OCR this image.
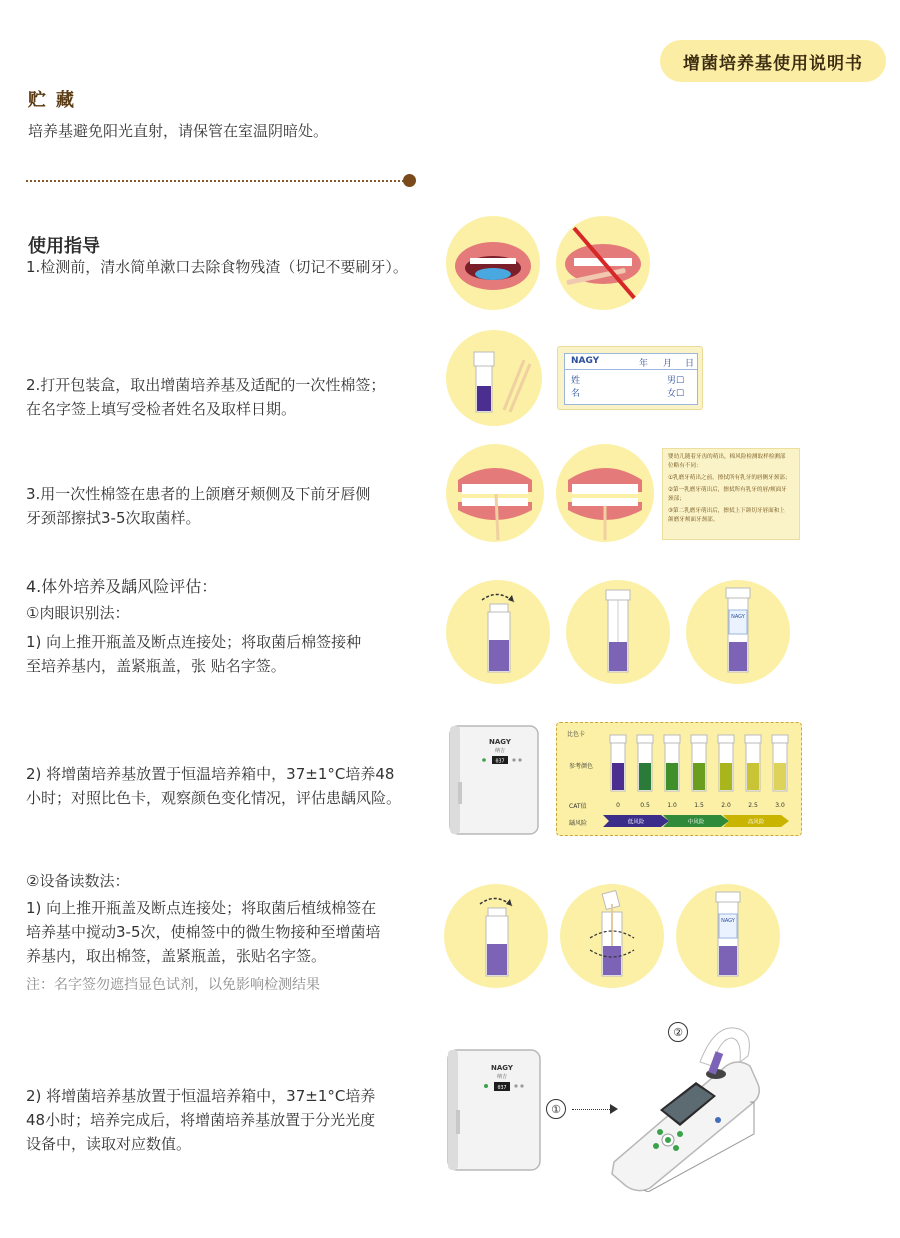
增菌培养基使用说明书
贮藏
培养基避免阳光直射，请保管在室温阴暗处。
使用指导
1.检测前，清水简单漱口去除食物残渣（切记不要刷牙）。
2.打开包装盒，取出增菌培养基及适配的一次性棉签；
在名字签上填写受检者姓名及取样日期。
NAGY	年 月 日
姓
名
男☐
女☐
3.用一次性棉签在患者的上颌磨牙颊侧及下前牙唇侧
牙颈部擦拭3-5次取菌样。
婴幼儿随着牙齿的萌出，棉风险检测取样检测部
位略有不同：
①乳磨牙萌出之前，擦拭所有乳牙的唇侧牙颈部；
②第一乳磨牙萌出后，擦拭所有乳牙的唇/颊面牙
颈部；
③第二乳磨牙萌出后，擦拭上下颌切牙唇面和上
颌磨牙颊面牙颈部。
4.体外培养及龋风险评估：
①肉眼识别法：
1) 向上推开瓶盖及断点连接处；将取菌后棉签接种
至培养基内，盖紧瓶盖，张 贴名字签。
NAGY
2) 将增菌培养基放置于恒温培养箱中，37±1°C培养48
小时；对照比色卡，观察颜色变化情况，评估患龋风险。
NAGY
纳吉
037
比色卡
参考颜色
CAT值
龋风险
0	0.5	1.0	1.5	2.0	2.5	3.0
低风险	中风险	高风险
②设备读数法：
1) 向上推开瓶盖及断点连接处；将取菌后植绒棉签在
培养基中搅动3-5次，使棉签中的微生物接种至增菌培
养基内，取出棉签，盖紧瓶盖，张贴名字签。
注：名字签勿遮挡显色试剂，以免影响检测结果
NAGY
2) 将增菌培养基放置于恒温培养箱中，37±1°C培养
48小时；培养完成后，将增菌培养基放置于分光光度
设备中，读取对应数值。
NAGY
纳吉
037
①
②
